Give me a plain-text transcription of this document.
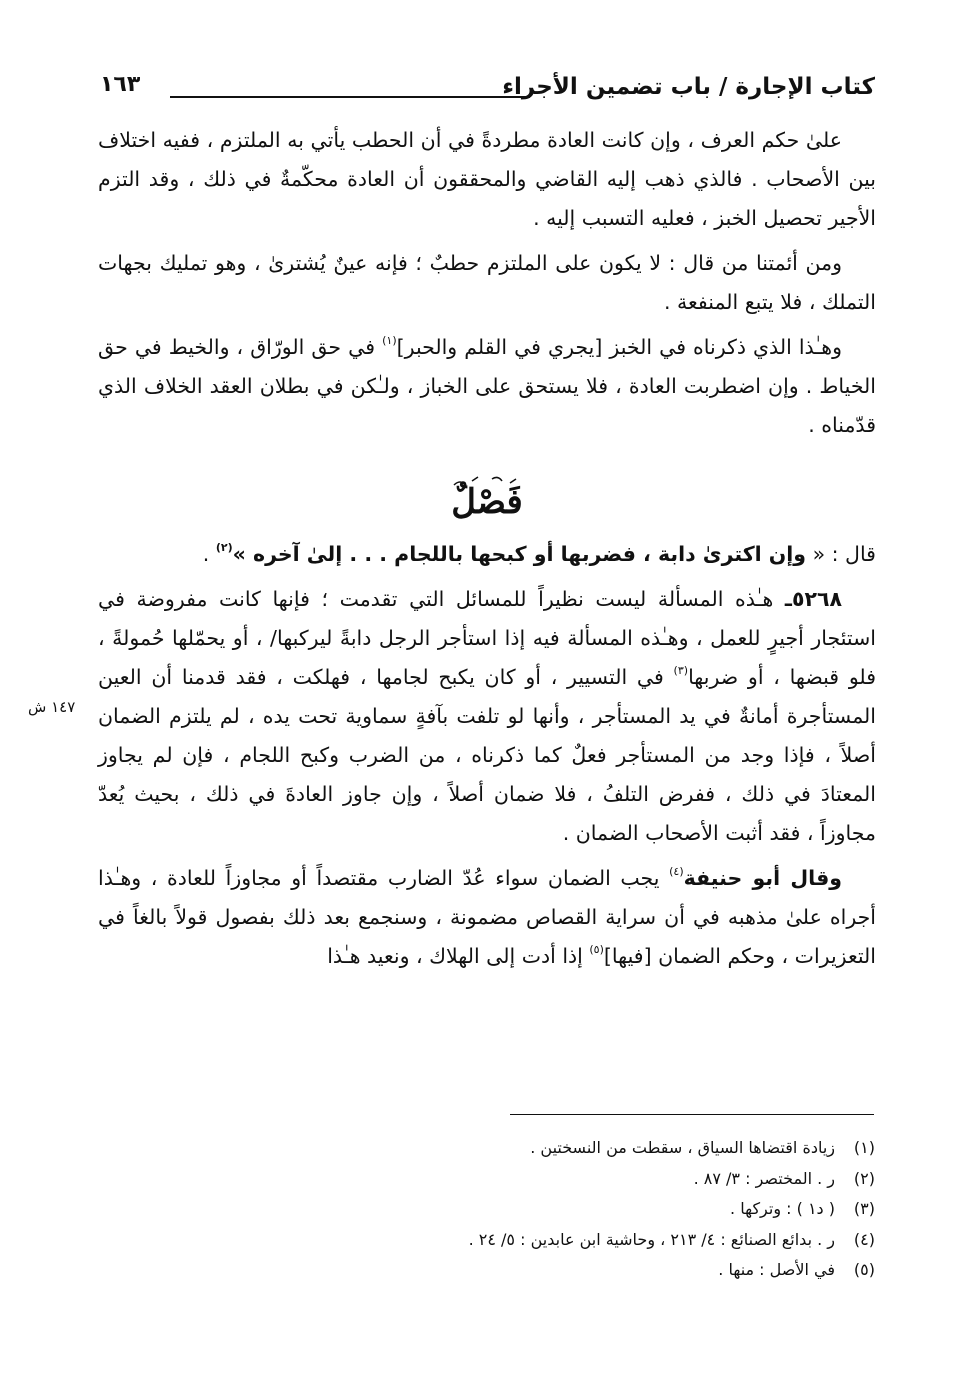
كتاب الإجارة / باب تضمين الأجراء
١٦٣

علىٰ حكم العرف ، وإن كانت العادة مطردةً في أن الحطب يأتي به الملتزم ، ففيه اختلاف بين الأصحاب . فالذي ذهب إليه القاضي والمحققون أن العادة محكّمةٌ في ذلك ، وقد التزم الأجير تحصيل الخبز ، فعليه التسبب إليه .

ومن أئمتنا من قال : لا يكون على الملتزم حطبٌ ؛ فإنه عينٌ يُشترىٰ ، وهو تمليك بجهات التملك ، فلا يتبع المنفعة .

وهـٰذا الذي ذكرناه في الخبز [يجري في القلم والحبر]$^{(١)}$ في حق الورّاق ، والخيط في حق الخياط . وإن اضطربت العادة ، فلا يستحق على الخباز ، ولـٰكن في بطلان العقد الخلاف الذي قدّمناه .

فَصْلٌ

قال : « وإن اكترىٰ دابة ، فضربها أو كبحها باللجام . . . إلىٰ آخره »$^{(٢)}$ .

٥٢٦٨ـ هـٰذه المسألة ليست نظيراً للمسائل التي تقدمت ؛ فإنها كانت مفروضة في استئجار أجيرٍ للعمل ، وهـٰذه المسألة فيه إذا استأجر الرجل دابةً ليركبها/ ، أو يحمّلها حُمولةً ، فلو قبضها ، أو ضربها$^{(٣)}$ في التسيير ، أو كان يكبح لجامها ، فهلكت ، فقد قدمنا أن العين المستأجرة أمانةٌ في يد المستأجر ، وأنها لو تلفت بآفةٍ سماوية تحت يده ، لم يلتزم الضمان أصلاً ، فإذا وجد من المستأجر فعلٌ كما ذكرناه ، من الضرب وكبح اللجام ، فإن لم يجاوز المعتادَ في ذلك ، ففرض التلفُ ، فلا ضمان أصلاً ، وإن جاوز العادةَ في ذلك ، بحيث يُعدّ مجاوزاً ، فقد أثبت الأصحاب الضمان .

وقال أبو حنيفة$^{(٤)}$ يجب الضمان سواء عُدّ الضارب مقتصداً أو مجاوزاً للعادة ، وهـٰذا أجراه علىٰ مذهبه في أن سراية القصاص مضمونة ، وسنجمع بعد ذلك بفصول قولاً بالغاً في التعزيرات ، وحكم الضمان [فيها]$^{(٥)}$ إذا أدت إلى الهلاك ، ونعيد هـٰذا

١٤٧ ش
(١)زيادة اقتضاها السياق ، سقطت من النسختين .
(٢)ر . المختصر : ٣/ ٨٧ .
(٣)( د١ ) : وتركها .
(٤)ر . بدائع الصنائع : ٤/ ٢١٣ ، وحاشية ابن عابدين : ٥/ ٢٤ .
(٥)في الأصل : منها .
